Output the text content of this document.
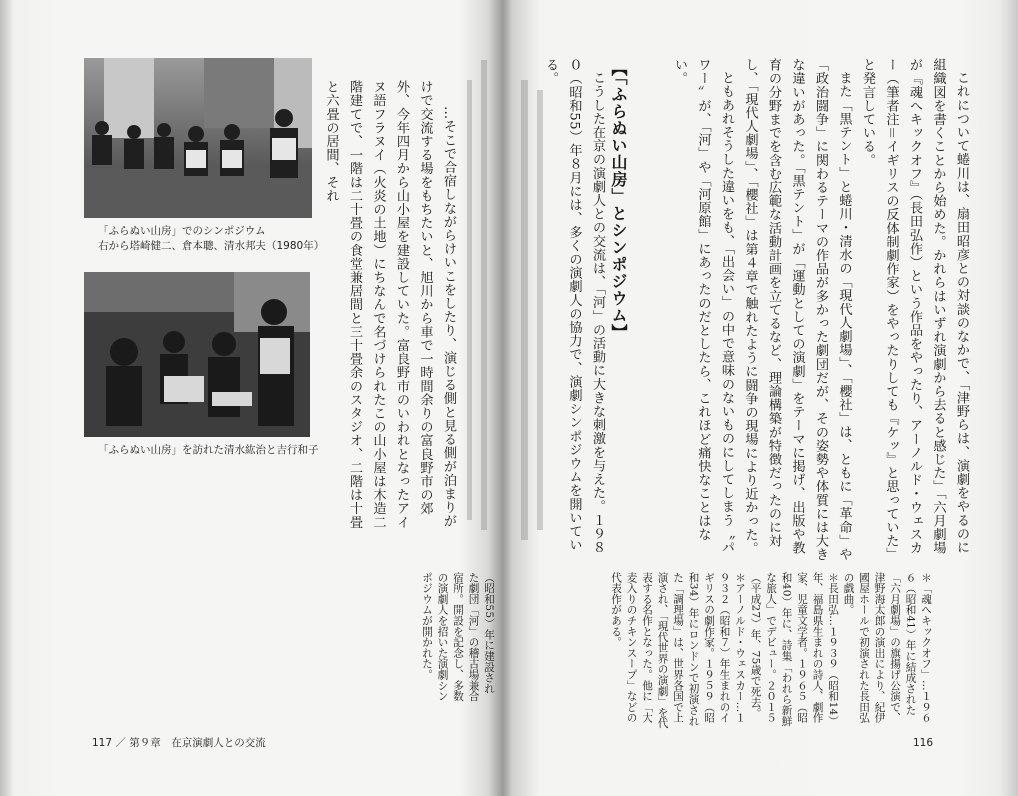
「ふらぬい山房」でのシンポジウム
右から塔崎健二、倉本聰、清水邦夫（1980年）
「ふらぬい山房」を訪れた清水紘治と吉行和子	…そこで合宿しながらけいこをしたり、演じる側と見る側が泊まりがけで交流する場をもちたいと、旭川から車で一時間余りの富良野市の郊外、今年四月から山小屋を建設していた。富良野市のいわれとなったアイヌ語フラヌイ（火炎の土地）にちなんで名づけられたこの山小屋は木造二階建てで、一階は二十畳の食堂兼居間と三十畳余のスタジオ、二階は十畳と六畳の居間、それ

（昭和55）年に建設された劇団「河」の稽古場兼合宿所。開設を記念し、多数の演劇人を招いた演劇シンポジウムが開かれた。

117 ／ 第９章　在京演劇人との交流

これについて蜷川は、扇田昭彦との対談のなかで、「津野らは、演劇をやるのに組織図を書くことから始めた。かれらはいずれ演劇から去ると感じた」「六月劇場が『魂へキックオフ』（長田弘作）という作品をやったり、アーノルド・ウェスカー（筆者注＝イギリスの反体制劇作家）をやったりしても『ケッ』と思っていた」と発言している。

また「黒テント」と蜷川・清水の「現代人劇場」、「櫻社」は、ともに「革命」や「政治闘争」に関わるテーマの作品が多かった劇団だが、その姿勢や体質には大きな違いがあった。「黒テント」が「運動としての演劇」をテーマに掲げ、出版や教育の分野までを含む広範な活動計画を立てるなど、理論構築が特徴だったのに対し、「現代人劇場」、「櫻社」は第４章で触れたように闘争の現場により近かった。

ともあれそうした違いをも、「出会い」の中で意味のないものにしてしまう〝パワー〟が、「河」や「河原館」にあったのだとしたら、これほど痛快なことはない。

【「ふらぬい山房」とシンポジウム】

こうした在京の演劇人との交流は、「河」の活動に大きな刺激を与えた。１９８０（昭和55）年８月には、多くの演劇人の協力で、演劇シンポジウムを開いている。

＊「魂へキックオフ」…１９６６（昭和41）年に結成された「六月劇場」の旗揚げ公演で、津野海太郎の演出により、紀伊國屋ホールで初演された長田弘の戯曲。

＊長田弘…１９３９（昭和14）年、福島県生まれの詩人、劇作家、児童文学者。１９６５（昭和40）年に、詩集「われら新鮮な旅人」でデビュー。２０１５（平成27）年、75歳で死去。

＊アーノルド・ウェスカー…１９３２（昭和７）年生まれのイギリスの劇作家。１９５９（昭和34）年にロンドンで初演された「調理場」は、世界各国で上演され、「現代世界の演劇」を代表する名作となった。他に「大麦入りのチキンスープ」などの代表作がある。

116
